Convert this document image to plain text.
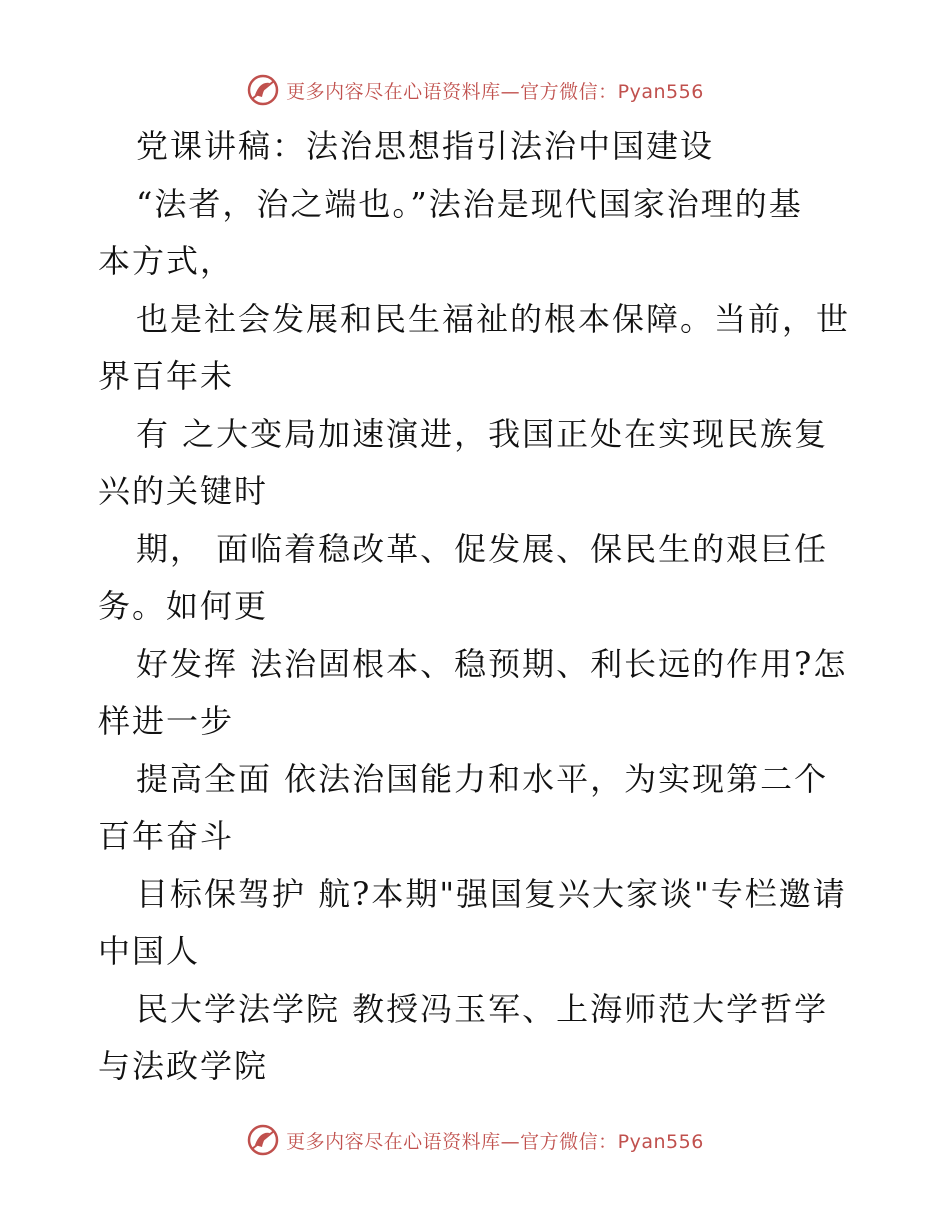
更多内容尽在心语资料库—官方微信：Pyan556
党课讲稿：法治思想指引法治中国建设
“法者，治之端也。”法治是现代国家治理的基
本方式，
也是社会发展和民生福祉的根本保障。当前，世
界百年未
有 之大变局加速演进，我国正处在实现民族复
兴的关键时
期， 面临着稳改革、促发展、保民生的艰巨任
务。如何更
好发挥 法治固根本、稳预期、利长远的作用?怎
样进一步
提高全面 依法治国能力和水平，为实现第二个
百年奋斗
目标保驾护 航?本期"强国复兴大家谈"专栏邀请
中国人
民大学法学院 教授冯玉军、上海师范大学哲学
与法政学院
更多内容尽在心语资料库—官方微信：Pyan556
